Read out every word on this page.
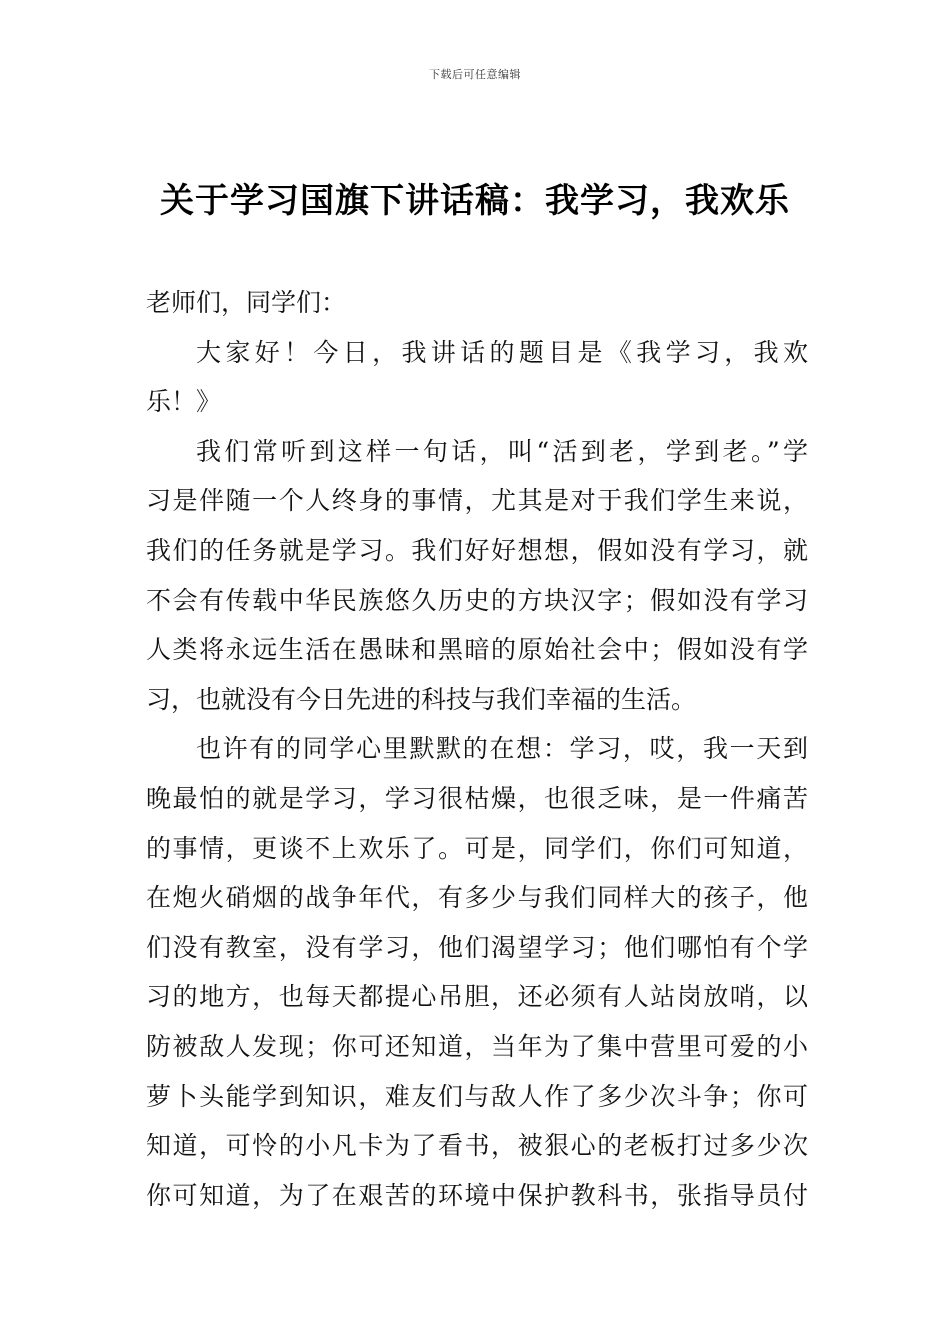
下载后可任意编辑
关于学习国旗下讲话稿：我学习，我欢乐
老师们，同学们：
大家好！今日，我讲话的题目是《我学习，我欢
乐！》
我们常听到这样一句话，叫“活到老，学到老。”学
习是伴随一个人终身的事情，尤其是对于我们学生来说，
我们的任务就是学习。我们好好想想，假如没有学习，就
不会有传载中华民族悠久历史的方块汉字；假如没有学习
人类将永远生活在愚昧和黑暗的原始社会中；假如没有学
习，也就没有今日先进的科技与我们幸福的生活。
也许有的同学心里默默的在想：学习，哎，我一天到
晚最怕的就是学习，学习很枯燥，也很乏味，是一件痛苦
的事情，更谈不上欢乐了。可是，同学们，你们可知道，
在炮火硝烟的战争年代，有多少与我们同样大的孩子，他
们没有教室，没有学习，他们渴望学习；他们哪怕有个学
习的地方，也每天都提心吊胆，还必须有人站岗放哨，以
防被敌人发现；你可还知道，当年为了集中营里可爱的小
萝卜头能学到知识，难友们与敌人作了多少次斗争；你可
知道，可怜的小凡卡为了看书，被狠心的老板打过多少次
你可知道，为了在艰苦的环境中保护教科书，张指导员付
